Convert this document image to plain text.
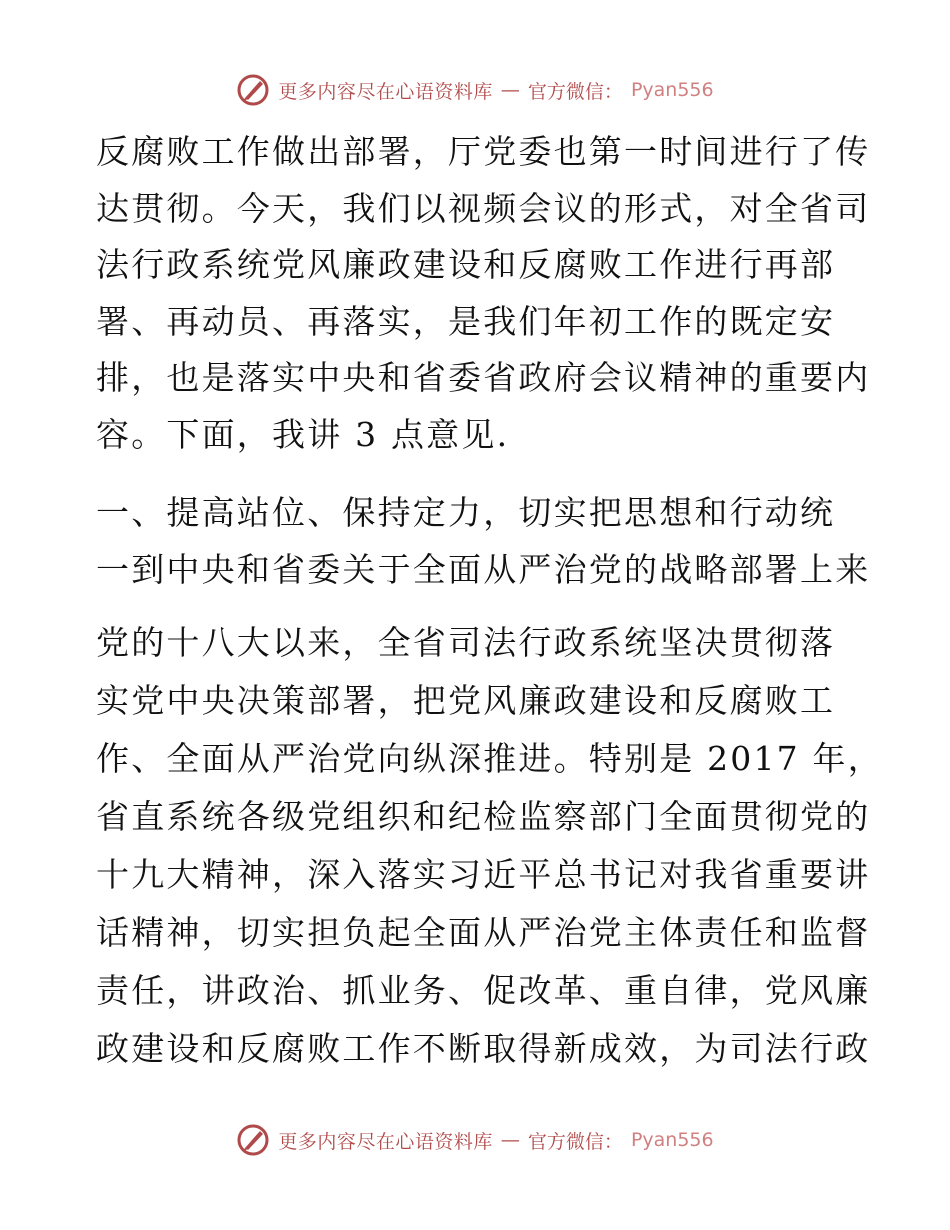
更多内容尽在心语资料库 — 官方微信： Pyan556
反腐败工作做出部署，厅党委也第一时间进行了传
达贯彻。今天，我们以视频会议的形式，对全省司
法行政系统党风廉政建设和反腐败工作进行再部
署、再动员、再落实，是我们年初工作的既定安
排，也是落实中央和省委省政府会议精神的重要内
容。下面，我讲 3 点意见.
一、提高站位、保持定力，切实把思想和行动统
一到中央和省委关于全面从严治党的战略部署上来
党的十八大以来，全省司法行政系统坚决贯彻落
实党中央决策部署，把党风廉政建设和反腐败工
作、全面从严治党向纵深推进。特别是 2017 年，
省直系统各级党组织和纪检监察部门全面贯彻党的
十九大精神，深入落实习近平总书记对我省重要讲
话精神，切实担负起全面从严治党主体责任和监督
责任，讲政治、抓业务、促改革、重自律，党风廉
政建设和反腐败工作不断取得新成效，为司法行政
更多内容尽在心语资料库 — 官方微信： Pyan556
